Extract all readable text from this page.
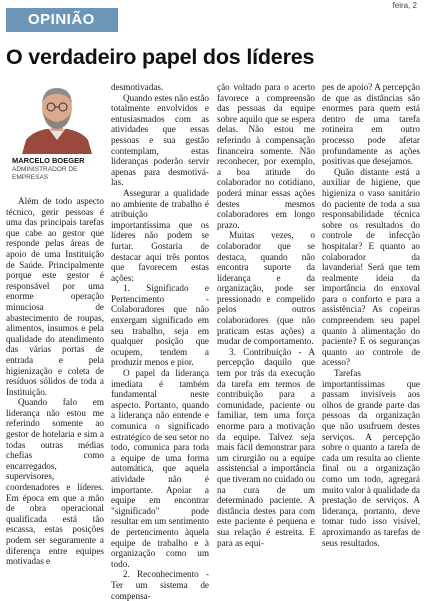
OPINIÃO
feira, 2
O verdadeiro papel dos líderes
MARCELO BOEGER
ADMINISTRADOR DE EMPRESAS

Além de todo aspecto técnico, gerir pessoas é uma das principais tarefas que cabe ao gestor que responde pelas áreas de apoio de uma Instituição de Saúde. Principalmente porque este gestor é responsável por uma enorme operação minuciosa de abastecimento de roupas, alimentos, insumos e pela qualidade do atendimento das várias portas de entrada e pela higienização e coleta de resíduos sólidos de toda a Instituição.

Quando falo em liderança não estou me referindo somente ao gestor de hotelaria e sim a todas outras médias chefias como encarregados, supervisores, coordenadores e líderes. Em época em que a mão de obra operacional qualificada está tão escassa, estas posições podem ser seguramente a diferença entre equipes motivadas e

desmotivadas.

Quando estes não estão totalmente envolvidos e entusiasmados com as atividades que essas pessoas e sua gestão contemplam, estas lideranças poderão servir apenas para desmotivá-las.

Assegurar a qualidade no ambiente de trabalho é atribuição importantíssima que os líderes não podem se furtar. Gostaria de destacar aqui três pontos que favorecem estas ações:

1. Significado e Pertencimento - Colaboradores que não enxergam significado em seu trabalho, seja em qualquer posição que ocupem, tendem a produzir menos e pior.

O papel da liderança imediata é também fundamental neste aspecto. Portanto, quando a liderança não entende e comunica o significado estratégico de seu setor no todo, comunica para toda a equipe de uma forma automática, que aquela atividade não é importante. Apoiar a equipe em encontrar "significado" pode resultar em um sentimento de pertencimento àquela equipe de trabalho e à organização como um todo.

2. Reconhecimento - Ter um sistema de compensa-

ção voltado para o acerto favorece a compreensão das pessoas da equipe sobre aquilo que se espera delas. Não estou me referindo à compensação financeira somente. Não reconhecer, por exemplo, a boa atitude do colaborador no cotidiano, poderá minar essas ações destes mesmos colaboradores em longo prazo.

Muitas vezes, o colaborador que se destaca, quando não encontra suporte da liderança e da organização, pode ser pressionado e compelido pelos outros colaboradores (que não praticam estas ações) a mudar de comportamento.

3. Contribuição - A percepção daquilo que tem por trás da execução da tarefa em termos de contribuição para a comunidade, paciente ou familiar, tem uma força enorme para a motivação da equipe. Talvez seja mais fácil demonstrar para um cirurgião ou a equipe assistencial a importância que tiveram no cuidado ou na cura de um determinado paciente. A distância destes para com este paciente é pequena e sua relação é estreita. E para as equi-

pes de apoio? A percepção de que as distâncias são enormes para quem está dentro de uma tarefa rotineira em outro processo pode afetar profundamente as ações positivas que desejamos.

Quão distante está a auxiliar de higiene, que higieniza o vaso sanitário do paciente de toda a sua responsabilidade técnica sobre os resultados do controle de infecção hospitalar? E quanto ao colaborador da lavanderia! Será que tem realmente ideia da importância do enxoval para o conforto e para a assistência? As copeiras compreendem seu papel quanto à alimentação do paciente? E os seguranças quanto ao controle de acesso?

Tarefas importantíssimas que passam invisíveis aos olhos de grande parte das pessoas da organização que não usufruem destes serviços. A percepção sobre o quanto a tarefa de cada um resulta ao cliente final ou a organização como um todo, agregará muito valor à qualidade da prestação de serviços. A liderança, portanto, deve tomar tudo isso visível, aproximando as tarefas de seus resultados.
